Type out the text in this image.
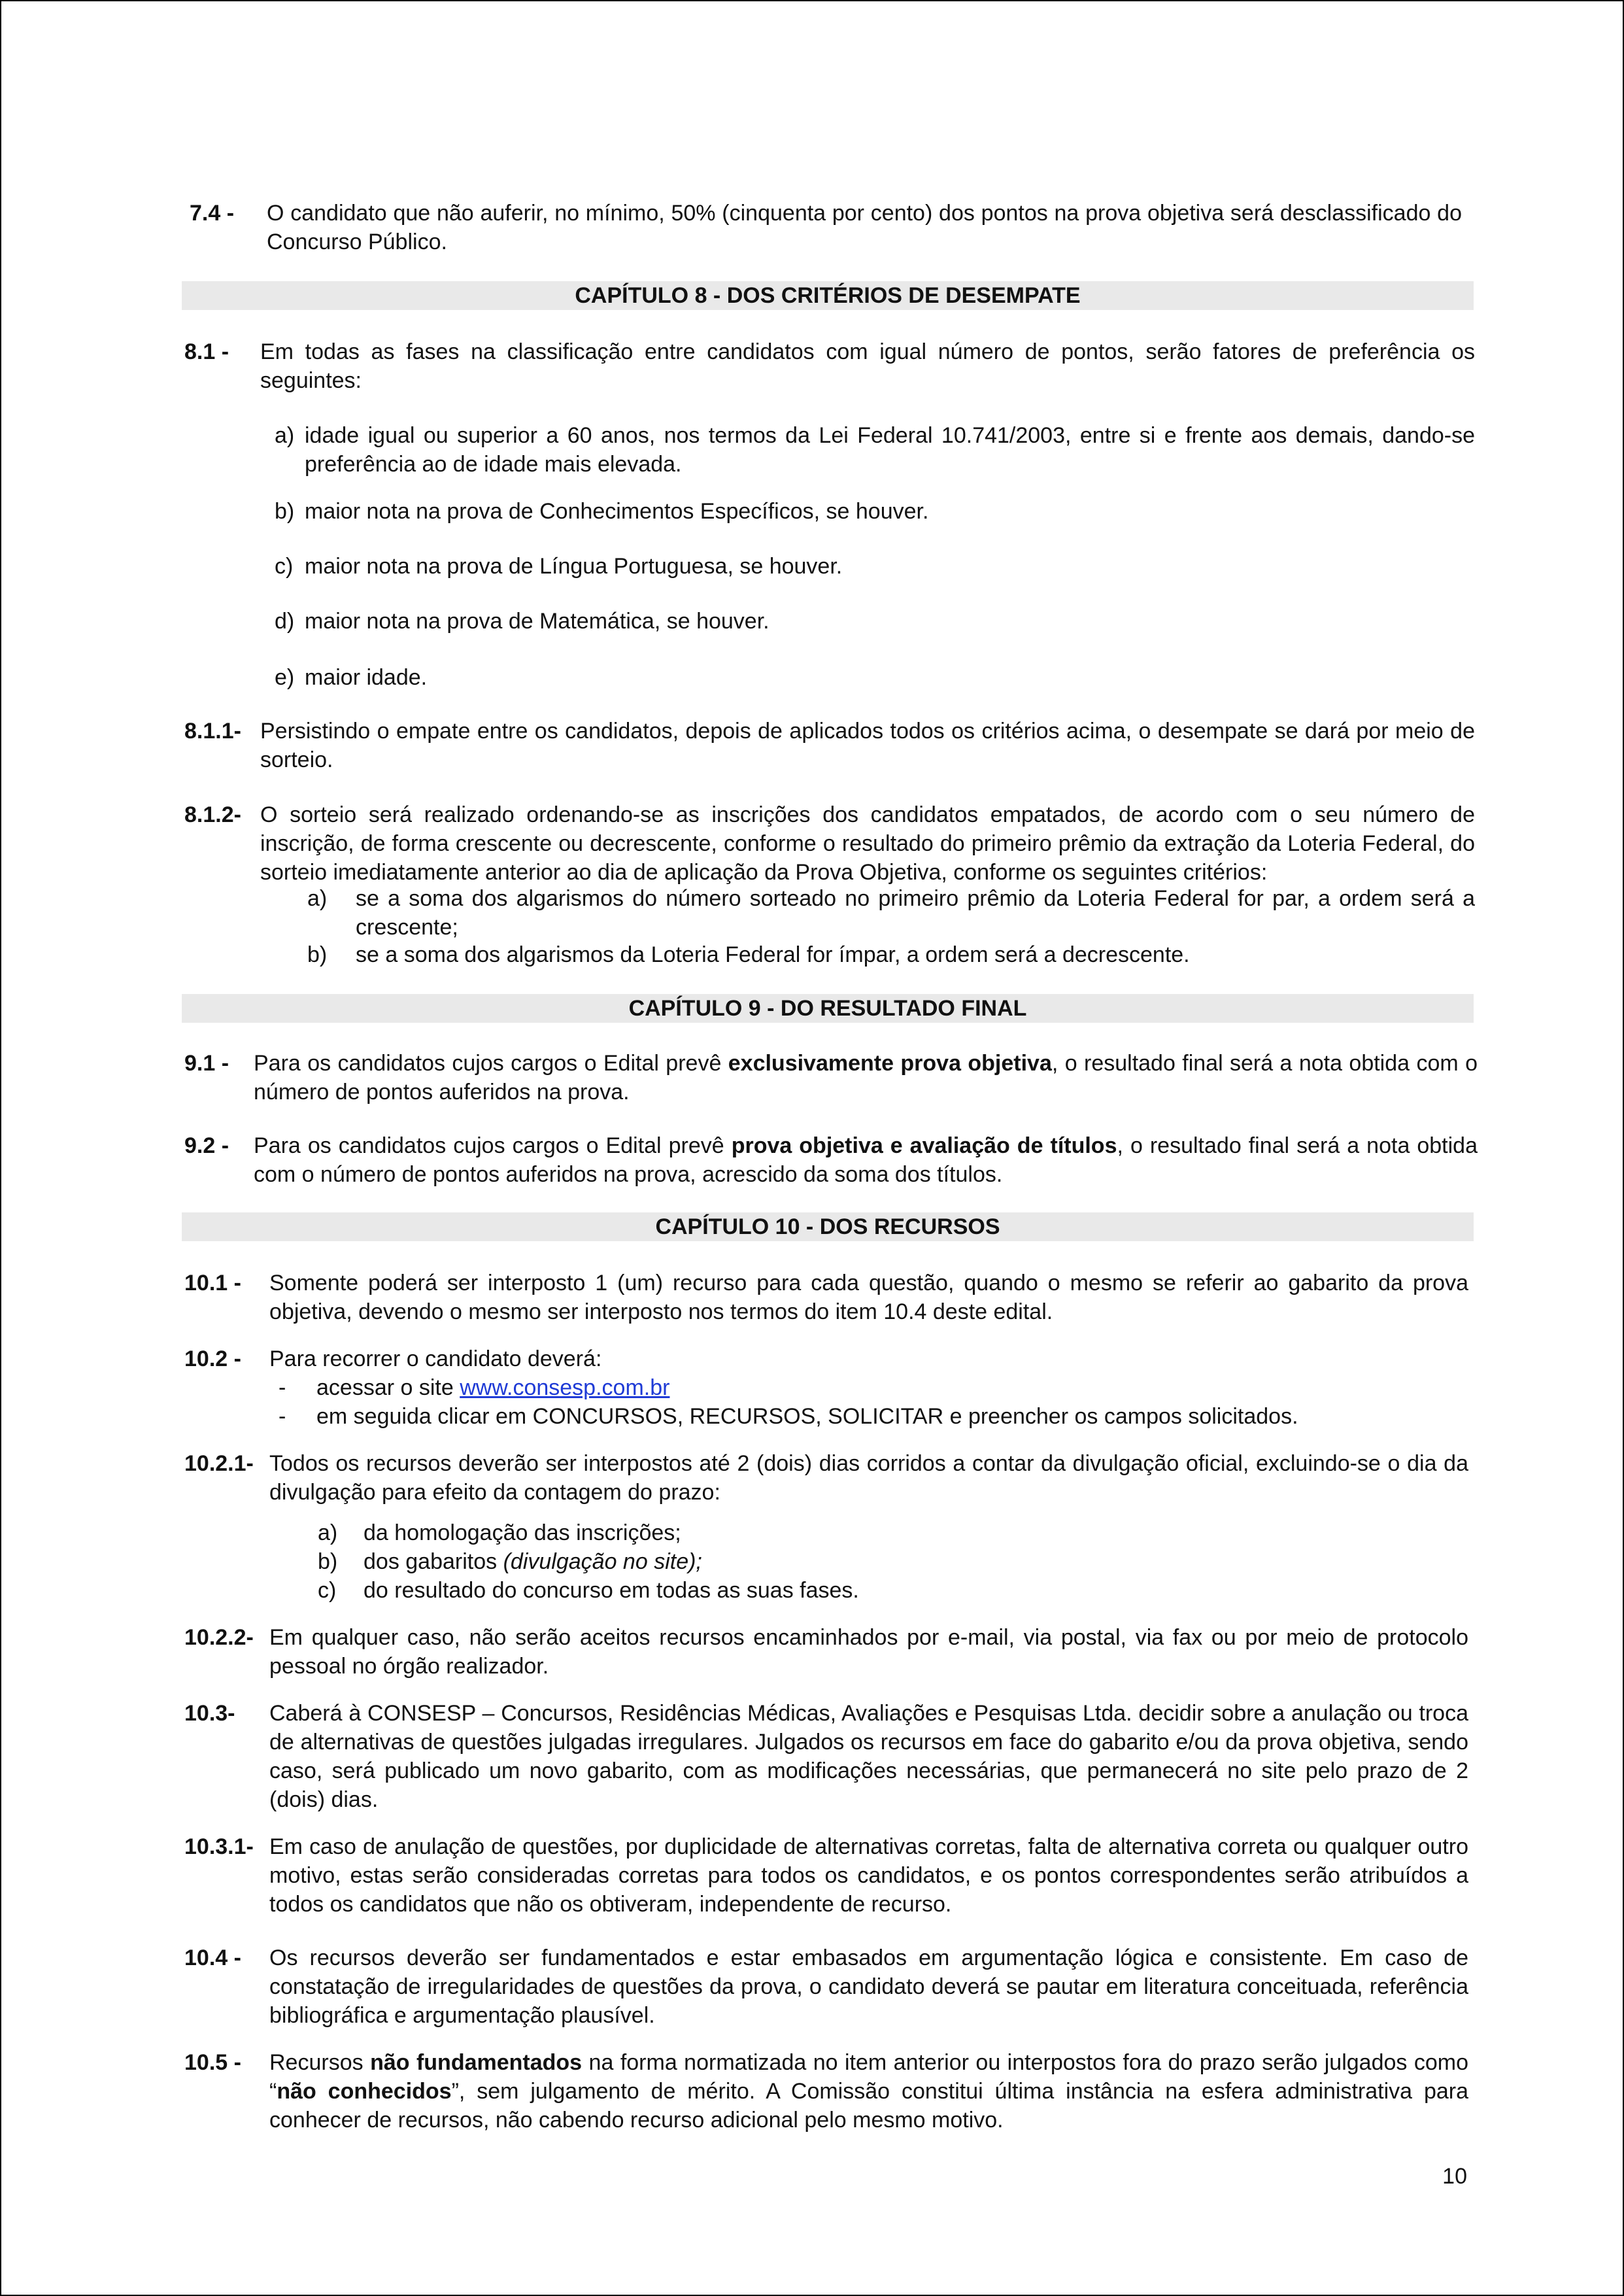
7.4 - O candidato que não auferir, no mínimo, 50% (cinquenta por cento) dos pontos na prova objetiva será desclassificado do Concurso Público.
CAPÍTULO 8 - DOS CRITÉRIOS DE DESEMPATE
8.1 - Em todas as fases na classificação entre candidatos com igual número de pontos, serão fatores de preferência os seguintes:
a) idade igual ou superior a 60 anos, nos termos da Lei Federal 10.741/2003, entre si e frente aos demais, dando-se preferência ao de idade mais elevada.
b) maior nota na prova de Conhecimentos Específicos, se houver.
c) maior nota na prova de Língua Portuguesa, se houver.
d) maior nota na prova de Matemática, se houver.
e) maior idade.
8.1.1- Persistindo o empate entre os candidatos, depois de aplicados todos os critérios acima, o desempate se dará por meio de sorteio.
8.1.2- O sorteio será realizado ordenando-se as inscrições dos candidatos empatados, de acordo com o seu número de inscrição, de forma crescente ou decrescente, conforme o resultado do primeiro prêmio da extração da Loteria Federal, do sorteio imediatamente anterior ao dia de aplicação da Prova Objetiva, conforme os seguintes critérios:
a) se a soma dos algarismos do número sorteado no primeiro prêmio da Loteria Federal for par, a ordem será a crescente;
b) se a soma dos algarismos da Loteria Federal for ímpar, a ordem será a decrescente.
CAPÍTULO 9 - DO RESULTADO FINAL
9.1 - Para os candidatos cujos cargos o Edital prevê exclusivamente prova objetiva, o resultado final será a nota obtida com o número de pontos auferidos na prova.
9.2 - Para os candidatos cujos cargos o Edital prevê prova objetiva e avaliação de títulos, o resultado final será a nota obtida com o número de pontos auferidos na prova, acrescido da soma dos títulos.
CAPÍTULO 10 - DOS RECURSOS
10.1 - Somente poderá ser interposto 1 (um) recurso para cada questão, quando o mesmo se referir ao gabarito da prova objetiva, devendo o mesmo ser interposto nos termos do item 10.4 deste edital.
10.2 - Para recorrer o candidato deverá:
- acessar o site www.consesp.com.br
- em seguida clicar em CONCURSOS, RECURSOS, SOLICITAR e preencher os campos solicitados.
10.2.1- Todos os recursos deverão ser interpostos até 2 (dois) dias corridos a contar da divulgação oficial, excluindo-se o dia da divulgação para efeito da contagem do prazo:
a) da homologação das inscrições;
b) dos gabaritos (divulgação no site);
c) do resultado do concurso em todas as suas fases.
10.2.2- Em qualquer caso, não serão aceitos recursos encaminhados por e-mail, via postal, via fax ou por meio de protocolo pessoal no órgão realizador.
10.3- Caberá à CONSESP – Concursos, Residências Médicas, Avaliações e Pesquisas Ltda. decidir sobre a anulação ou troca de alternativas de questões julgadas irregulares. Julgados os recursos em face do gabarito e/ou da prova objetiva, sendo caso, será publicado um novo gabarito, com as modificações necessárias, que permanecerá no site pelo prazo de 2 (dois) dias.
10.3.1- Em caso de anulação de questões, por duplicidade de alternativas corretas, falta de alternativa correta ou qualquer outro motivo, estas serão consideradas corretas para todos os candidatos, e os pontos correspondentes serão atribuídos a todos os candidatos que não os obtiveram, independente de recurso.
10.4 - Os recursos deverão ser fundamentados e estar embasados em argumentação lógica e consistente. Em caso de constatação de irregularidades de questões da prova, o candidato deverá se pautar em literatura conceituada, referência bibliográfica e argumentação plausível.
10.5 - Recursos não fundamentados na forma normatizada no item anterior ou interpostos fora do prazo serão julgados como “não conhecidos”, sem julgamento de mérito. A Comissão constitui última instância na esfera administrativa para conhecer de recursos, não cabendo recurso adicional pelo mesmo motivo.
10
